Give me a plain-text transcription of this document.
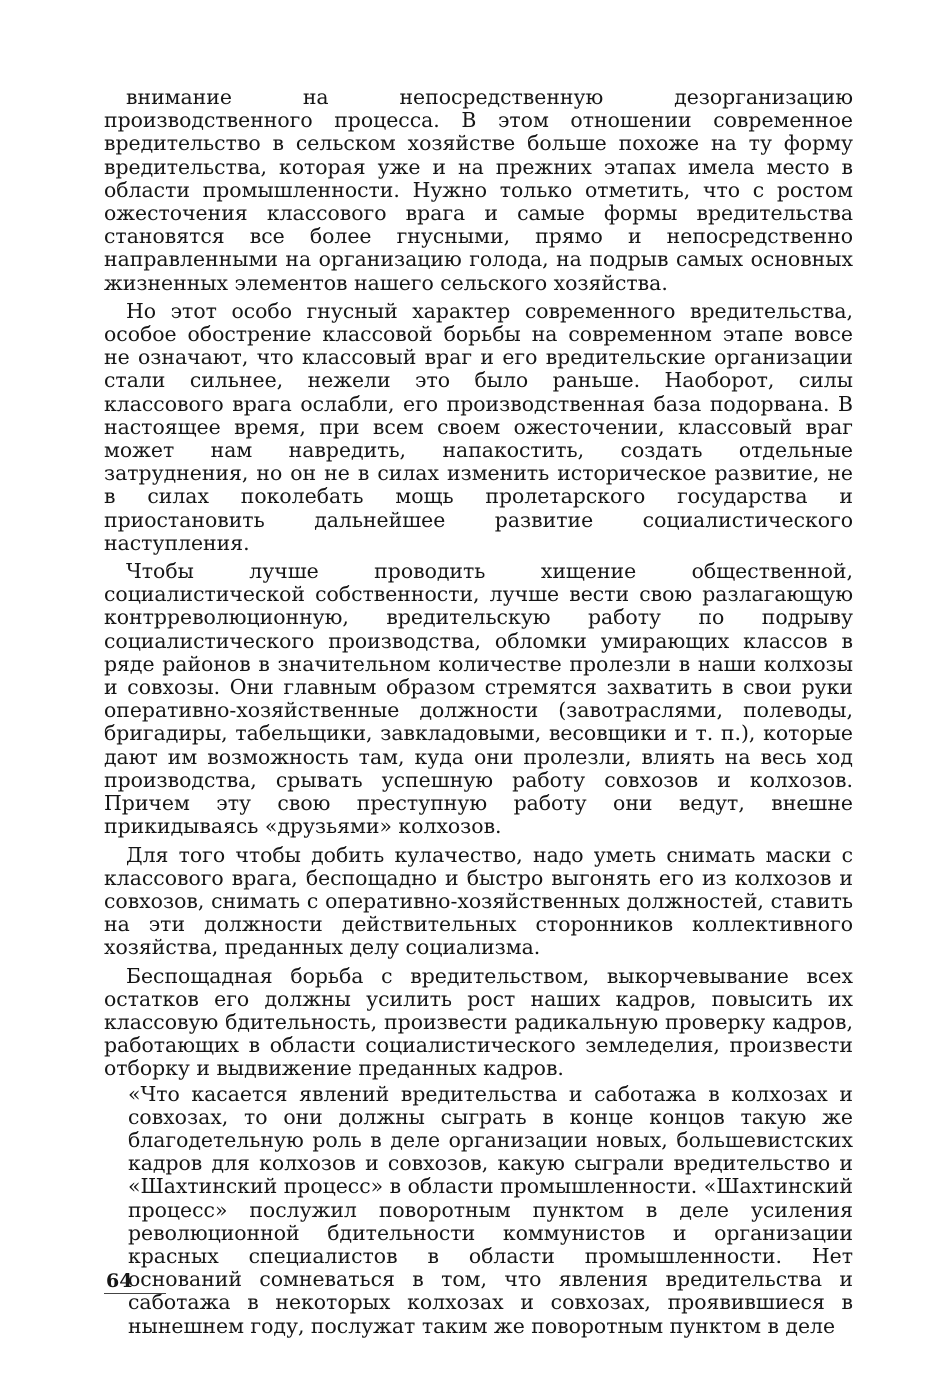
внимание на непосредственную дезорганизацию производственного процесса. В этом отношении современное вредительство в сельском хозяйстве больше похоже на ту форму вредительства, которая уже и на прежних этапах имела место в области промышленности. Нужно только отметить, что с ростом ожесточения классового врага и самые формы вредительства становятся все более гнусными, прямо и непосредственно направленными на организацию голода, на подрыв самых основных жизненных элементов нашего сельского хозяйства.

Но этот особо гнусный характер современного вредительства, особое обострение классовой борьбы на современном этапе вовсе не означают, что классовый враг и его вредительские организации стали сильнее, нежели это было раньше. Наоборот, силы классового врага ослабли, его производственная база подорвана. В настоящее время, при всем своем ожесточении, классовый враг может нам навредить, напакостить, создать отдельные затруднения, но он не в силах изменить историческое развитие, не в силах поколебать мощь пролетарского государства и приостановить дальнейшее развитие социалистического наступления.

Чтобы лучше проводить хищение общественной, социалистической собственности, лучше вести свою разлагающую контрреволюционную, вредительскую работу по подрыву социалистического производства, обломки умирающих классов в ряде районов в значительном количестве пролезли в наши колхозы и совхозы. Они главным образом стремятся захватить в свои руки оперативно-хозяйственные должности (завотраслями, полеводы, бригадиры, табельщики, завкладовыми, весовщики и т. п.), которые дают им возможность там, куда они пролезли, влиять на весь ход производства, срывать успешную работу совхозов и колхозов. Причем эту свою преступную работу они ведут, внешне прикидываясь «друзьями» колхозов.

Для того чтобы добить кулачество, надо уметь снимать маски с классового врага, беспощадно и быстро выгонять его из колхозов и совхозов, снимать с оперативно-хозяйственных должностей, ставить на эти должности действительных сторонников коллективного хозяйства, преданных делу социализма.

Беспощадная борьба с вредительством, выкорчевывание всех остатков его должны усилить рост наших кадров, повысить их классовую бдительность, произвести радикальную проверку кадров, работающих в области социалистического земледелия, произвести отборку и выдвижение преданных кадров.

«Что касается явлений вредительства и саботажа в колхозах и совхозах, то они должны сыграть в конце концов такую же благодетельную роль в деле организации новых, большевистских кадров для колхозов и совхозов, какую сыграли вредительство и «Шахтинский процесс» в области промышленности. «Шахтинский процесс» послужил поворотным пунктом в деле усиления революционной бдительности коммунистов и организации красных специалистов в области промышленности. Нет оснований сомневаться в том, что явления вредительства и саботажа в некоторых колхозах и совхозах, проявившиеся в нынешнем году, послужат таким же поворотным пунктом в деле

64
